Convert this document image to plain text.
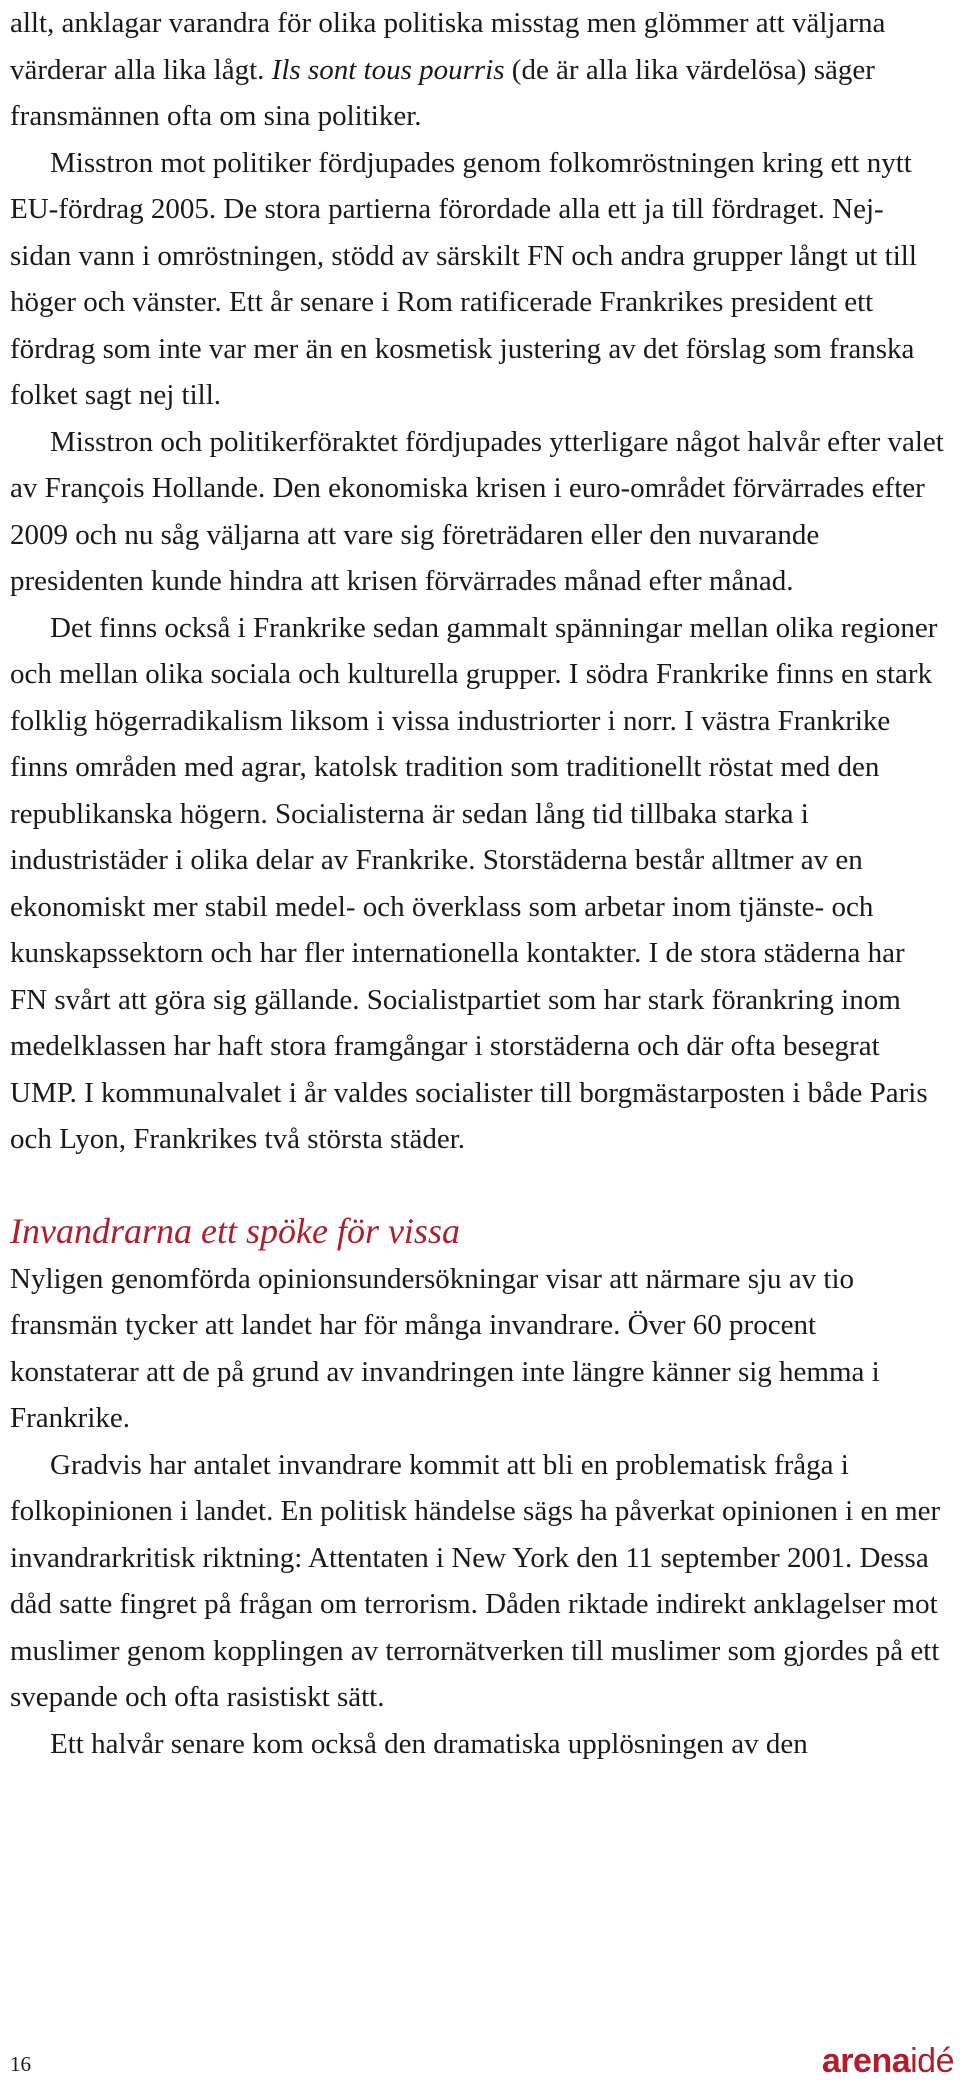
allt, anklagar varandra för olika politiska misstag men glömmer att väljarna värderar alla lika lågt. Ils sont tous pourris (de är alla lika värdelösa) säger fransmännen ofta om sina politiker.

Misstron mot politiker fördjupades genom folkomröstningen kring ett nytt EU-fördrag 2005. De stora partierna förordade alla ett ja till fördraget. Nej-sidan vann i omröstningen, stödd av särskilt FN och andra grupper långt ut till höger och vänster. Ett år senare i Rom ratificerade Frankrikes president ett fördrag som inte var mer än en kosmetisk justering av det förslag som franska folket sagt nej till.

Misstron och politikerföraktet fördjupades ytterligare något halvår efter valet av François Hollande. Den ekonomiska krisen i euro-området förvärrades efter 2009 och nu såg väljarna att vare sig företrädaren eller den nuvarande presidenten kunde hindra att krisen förvärrades månad efter månad.

Det finns också i Frankrike sedan gammalt spänningar mellan olika regioner och mellan olika sociala och kulturella grupper. I södra Frankrike finns en stark folklig högerradikalism liksom i vissa industriorter i norr. I västra Frankrike finns områden med agrar, katolsk tradition som traditionellt röstat med den republikanska högern. Socialisterna är sedan lång tid tillbaka starka i industristäder i olika delar av Frankrike. Storstäderna består alltmer av en ekonomiskt mer stabil medel- och överklass som arbetar inom tjänste- och kunskapssektorn och har fler internationella kontakter. I de stora städerna har FN svårt att göra sig gällande. Socialistpartiet som har stark förankring inom medelklassen har haft stora framgångar i storstäderna och där ofta besegrat UMP. I kommunalvalet i år valdes socialister till borgmästarposten i både Paris och Lyon, Frankrikes två största städer.

Invandrarna ett spöke för vissa

Nyligen genomförda opinionsundersökningar visar att närmare sju av tio fransmän tycker att landet har för många invandrare. Över 60 procent konstaterar att de på grund av invandringen inte längre känner sig hemma i Frankrike.

Gradvis har antalet invandrare kommit att bli en problematisk fråga i folkopinionen i landet. En politisk händelse sägs ha påverkat opinionen i en mer invandrarkritisk riktning: Attentaten i New York den 11 september 2001. Dessa dåd satte fingret på frågan om terrorism. Dåden riktade indirekt anklagelser mot muslimer genom kopplingen av terrornätverken till muslimer som gjordes på ett svepande och ofta rasistiskt sätt.

Ett halvår senare kom också den dramatiska upplösningen av den

16	arenaidé
